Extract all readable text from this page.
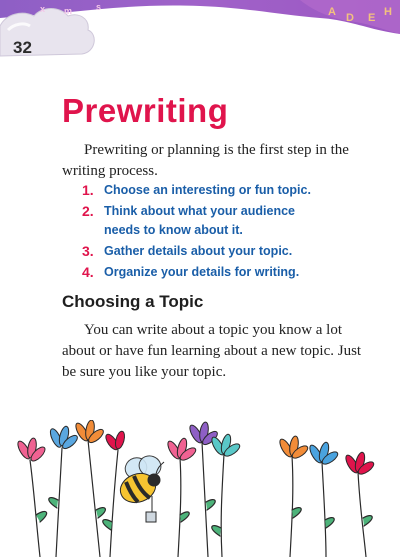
x m	s	A D E H
32
Prewriting

Prewriting or planning is the first step in the writing process.

1. Choose an interesting or fun topic.
2. Think about what your audience needs to know about it.
3. Gather details about your topic.
4. Organize your details for writing.
Choosing a Topic

You can write about a topic you know a lot about or have fun learning about a new topic. Just be sure you like your topic.
